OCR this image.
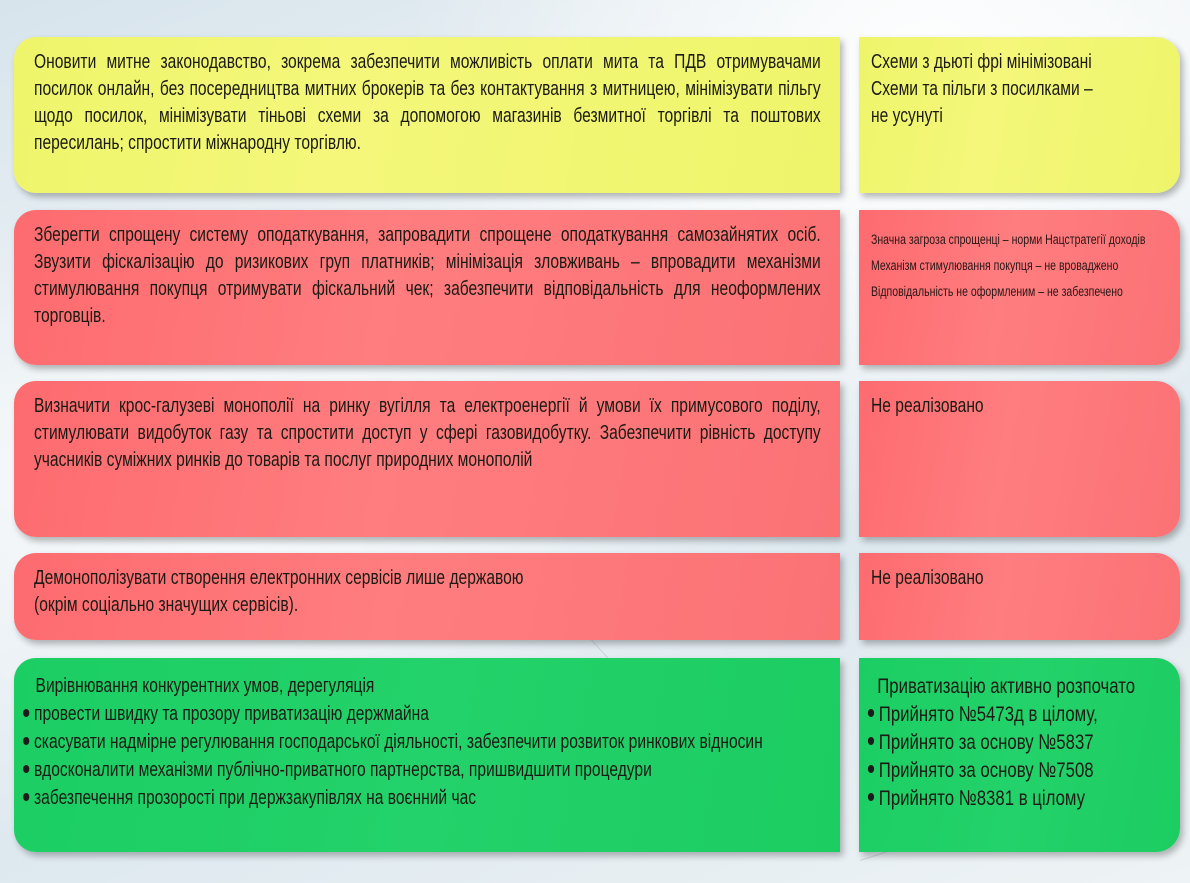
Оновити митне законодавство, зокрема забезпечити можливість оплати мита та ПДВ отримувачами посилок онлайн, без посередництва митних брокерів та без контактування з митницею, мінімізувати пільгу щодо посилок, мінімізувати тіньові схеми за допомогою магазинів безмитної торгівлі та поштових пересилань; спростити міжнародну торгівлю.
Схеми з дьюті фрі мінімізовані
Схеми та пільги з посилками –
не усунуті
Зберегти спрощену систему оподаткування, запровадити спрощене оподаткування самозайнятих осіб. Звузити фіскалізацію до ризикових груп платників; мінімізація зловживань – впровадити механізми стимулювання покупця отримувати фіскальний чек; забезпечити відповідальність для неоформлених торговців.
Значна загроза спрощенці – норми Нацстратегії доходів
Механізм стимулювання покупця – не вроваджено
Відповідальність не оформленим – не забезпечено
Визначити крос-галузеві монополії на ринку вугілля та електроенергії й умови їх примусового поділу, стимулювати видобуток газу та спростити доступ у сфері газовидобутку. Забезпечити рівність доступу учасників суміжних ринків до товарів та послуг природних монополій
Не реалізовано
Демонополізувати створення електронних сервісів лише державою
(окрім соціально значущих сервісів).
Не реалізовано
Вирівнювання конкурентних умов, дерегуляція
провести швидку та прозору приватизацію держмайна
скасувати надмірне регулювання господарської діяльності, забезпечити розвиток ринкових відносин
вдосконалити механізми публічно-приватного партнерства, пришвидшити процедури
забезпечення прозорості при держзакупівлях на воєнний час
Приватизацію активно розпочато
Прийнято №5473д в цілому,
Прийнято за основу №5837
Прийнято за основу №7508
Прийнято №8381 в цілому
